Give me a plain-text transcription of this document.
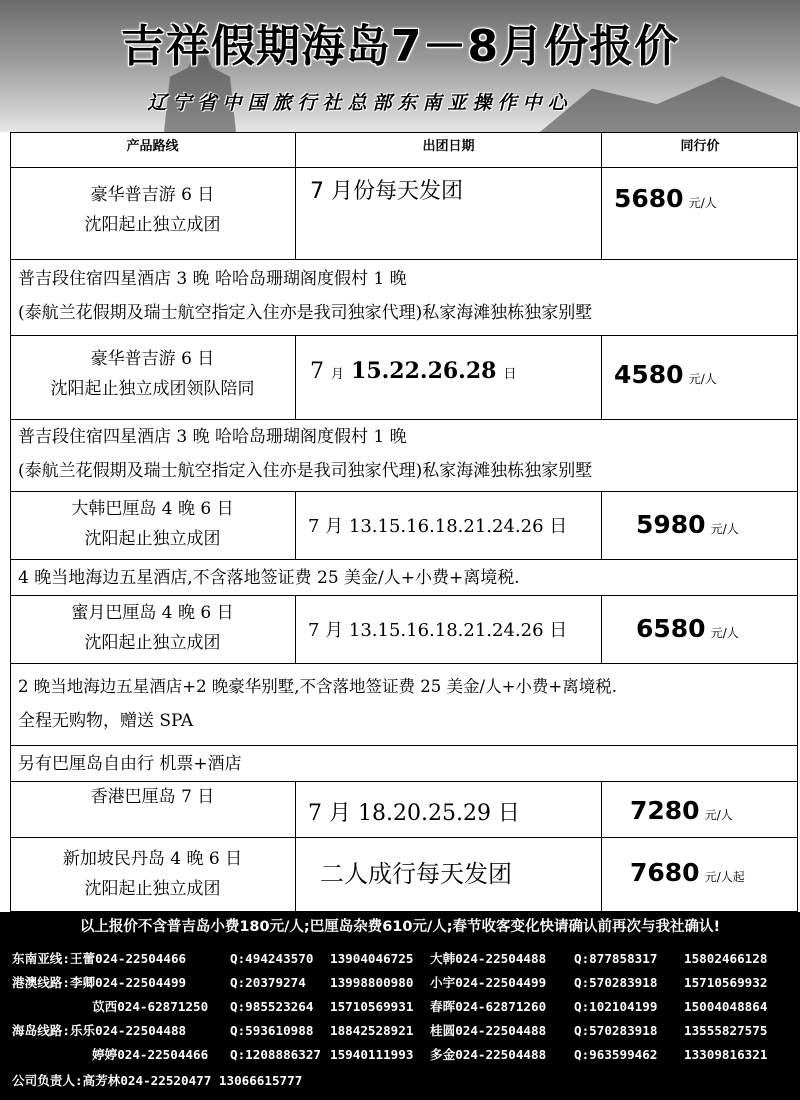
吉祥假期海岛7－8月份报价
辽宁省中国旅行社总部东南亚操作中心
产品路线	出团日期	同行价
豪华普吉游 6 日
沈阳起止独立成团
7 月份每天发团	5680 元/人
普吉段住宿四星酒店 3 晚 哈哈岛珊瑚阁度假村 1 晚
(泰航兰花假期及瑞士航空指定入住亦是我司独家代理)私家海滩独栋独家别墅
豪华普吉游 6 日
沈阳起止独立成团领队陪同
7 月 15.22.26.28 日	4580 元/人
普吉段住宿四星酒店 3 晚 哈哈岛珊瑚阁度假村 1 晚
(泰航兰花假期及瑞士航空指定入住亦是我司独家代理)私家海滩独栋独家别墅
大韩巴厘岛 4 晚 6 日
沈阳起止独立成团
7 月 13.15.16.18.21.24.26 日	5980 元/人
4 晚当地海边五星酒店,不含落地签证费 25 美金/人+小费+离境税.
蜜月巴厘岛 4 晚 6 日
沈阳起止独立成团
7 月 13.15.16.18.21.24.26 日	6580 元/人
2 晚当地海边五星酒店+2 晚豪华别墅,不含落地签证费 25 美金/人+小费+离境税.
全程无购物，赠送 SPA
另有巴厘岛自由行 机票+酒店
香港巴厘岛 7 日
7 月 18.20.25.29 日	7280 元/人
新加坡民丹岛 4 晚 6 日
沈阳起止独立成团
二人成行每天发团	7680 元/人起
以上报价不含普吉岛小费180元/人;巴厘岛杂费610元/人;春节收客变化快请确认前再次与我社确认!
东南亚线:王蕾024-22504466	Q:494243570 13904046725 大韩024-22504488 Q:877858317 15802466128
港澳线路:李卿024-22504499	Q:20379274 13998800980 小宇024-22504499 Q:570283918 15710569932
苡西024-62871250 Q:985523264 15710569931 春晖024-62871260 Q:102104199 15004048864
海岛线路:乐乐024-22504488	Q:593610988 18842528921 桂圆024-22504488 Q:570283918 13555827575
婷婷024-22504466 Q:1208886327 15940111993 多金024-22504488 Q:963599462 13309816321
公司负责人:高芳林024-22520477 13066615777
